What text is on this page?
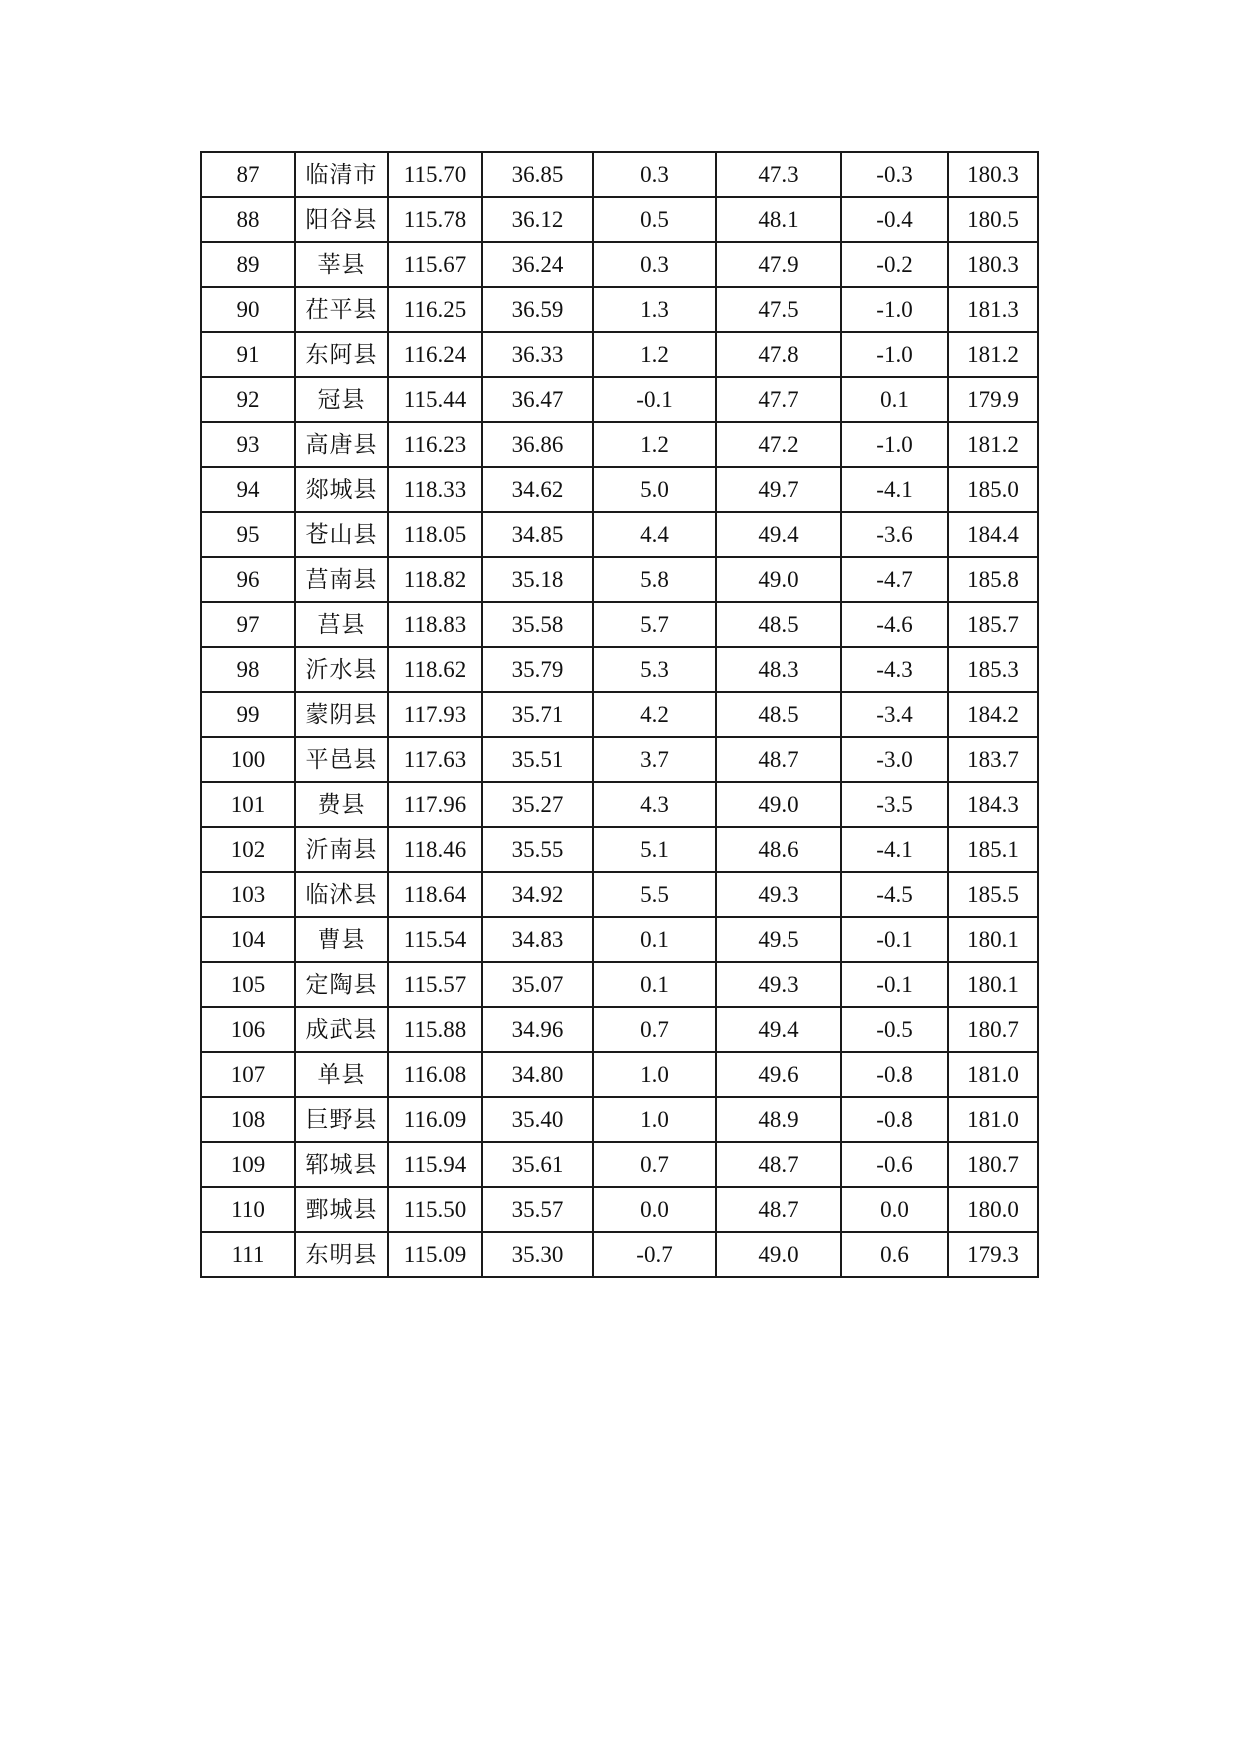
87	临清市	115.70	36.85	0.3	47.3	-0.3	180.3
88	阳谷县	115.78	36.12	0.5	48.1	-0.4	180.5
89	莘县	115.67	36.24	0.3	47.9	-0.2	180.3
90	茌平县	116.25	36.59	1.3	47.5	-1.0	181.3
91	东阿县	116.24	36.33	1.2	47.8	-1.0	181.2
92	冠县	115.44	36.47	-0.1	47.7	0.1	179.9
93	高唐县	116.23	36.86	1.2	47.2	-1.0	181.2
94	郯城县	118.33	34.62	5.0	49.7	-4.1	185.0
95	苍山县	118.05	34.85	4.4	49.4	-3.6	184.4
96	莒南县	118.82	35.18	5.8	49.0	-4.7	185.8
97	莒县	118.83	35.58	5.7	48.5	-4.6	185.7
98	沂水县	118.62	35.79	5.3	48.3	-4.3	185.3
99	蒙阴县	117.93	35.71	4.2	48.5	-3.4	184.2
100	平邑县	117.63	35.51	3.7	48.7	-3.0	183.7
101	费县	117.96	35.27	4.3	49.0	-3.5	184.3
102	沂南县	118.46	35.55	5.1	48.6	-4.1	185.1
103	临沭县	118.64	34.92	5.5	49.3	-4.5	185.5
104	曹县	115.54	34.83	0.1	49.5	-0.1	180.1
105	定陶县	115.57	35.07	0.1	49.3	-0.1	180.1
106	成武县	115.88	34.96	0.7	49.4	-0.5	180.7
107	单县	116.08	34.80	1.0	49.6	-0.8	181.0
108	巨野县	116.09	35.40	1.0	48.9	-0.8	181.0
109	郓城县	115.94	35.61	0.7	48.7	-0.6	180.7
110	鄄城县	115.50	35.57	0.0	48.7	0.0	180.0
111	东明县	115.09	35.30	-0.7	49.0	0.6	179.3
